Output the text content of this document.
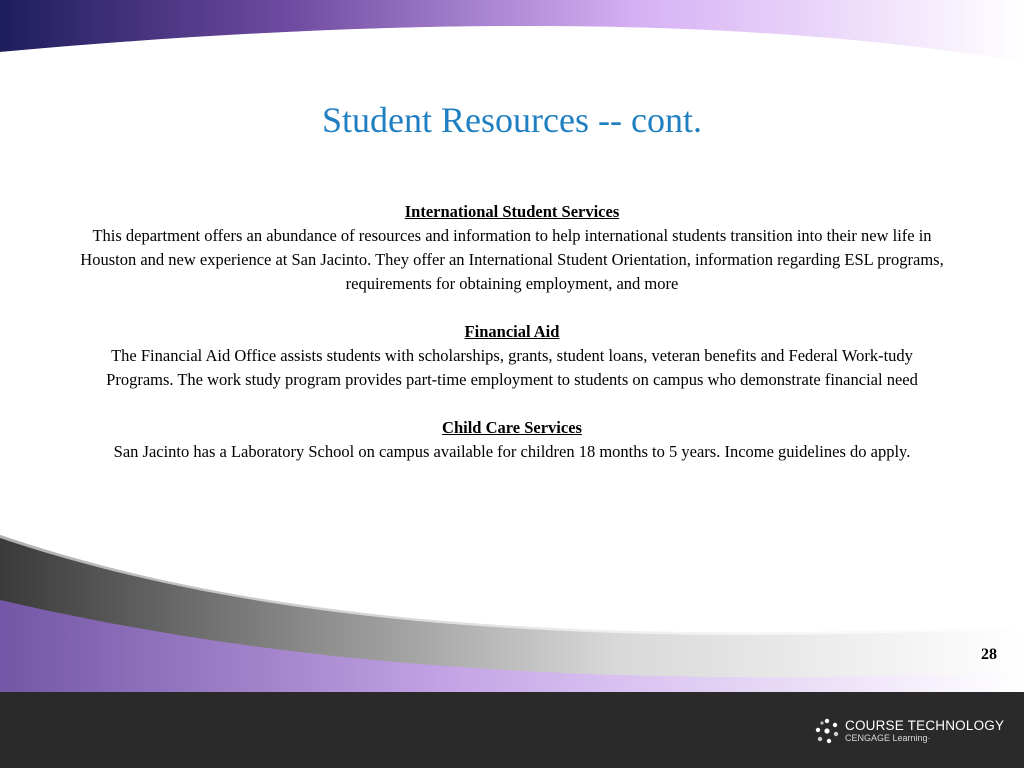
Student Resources -- cont.
International Student Services

This department offers an abundance of resources and information to help international students transition into their new life in Houston and new experience at San Jacinto. They offer an International Student Orientation, information regarding ESL programs, requirements for obtaining employment, and more

Financial Aid

The Financial Aid Office assists students with scholarships, grants, student loans, veteran benefits and Federal Work-tudy Programs. The work study program provides part-time employment to students on campus who demonstrate financial need

Child Care Services

San Jacinto has a Laboratory School on campus available for children 18 months to 5 years. Income guidelines do apply.

28
COURSE TECHNOLOGY
CENGAGE Learning·
